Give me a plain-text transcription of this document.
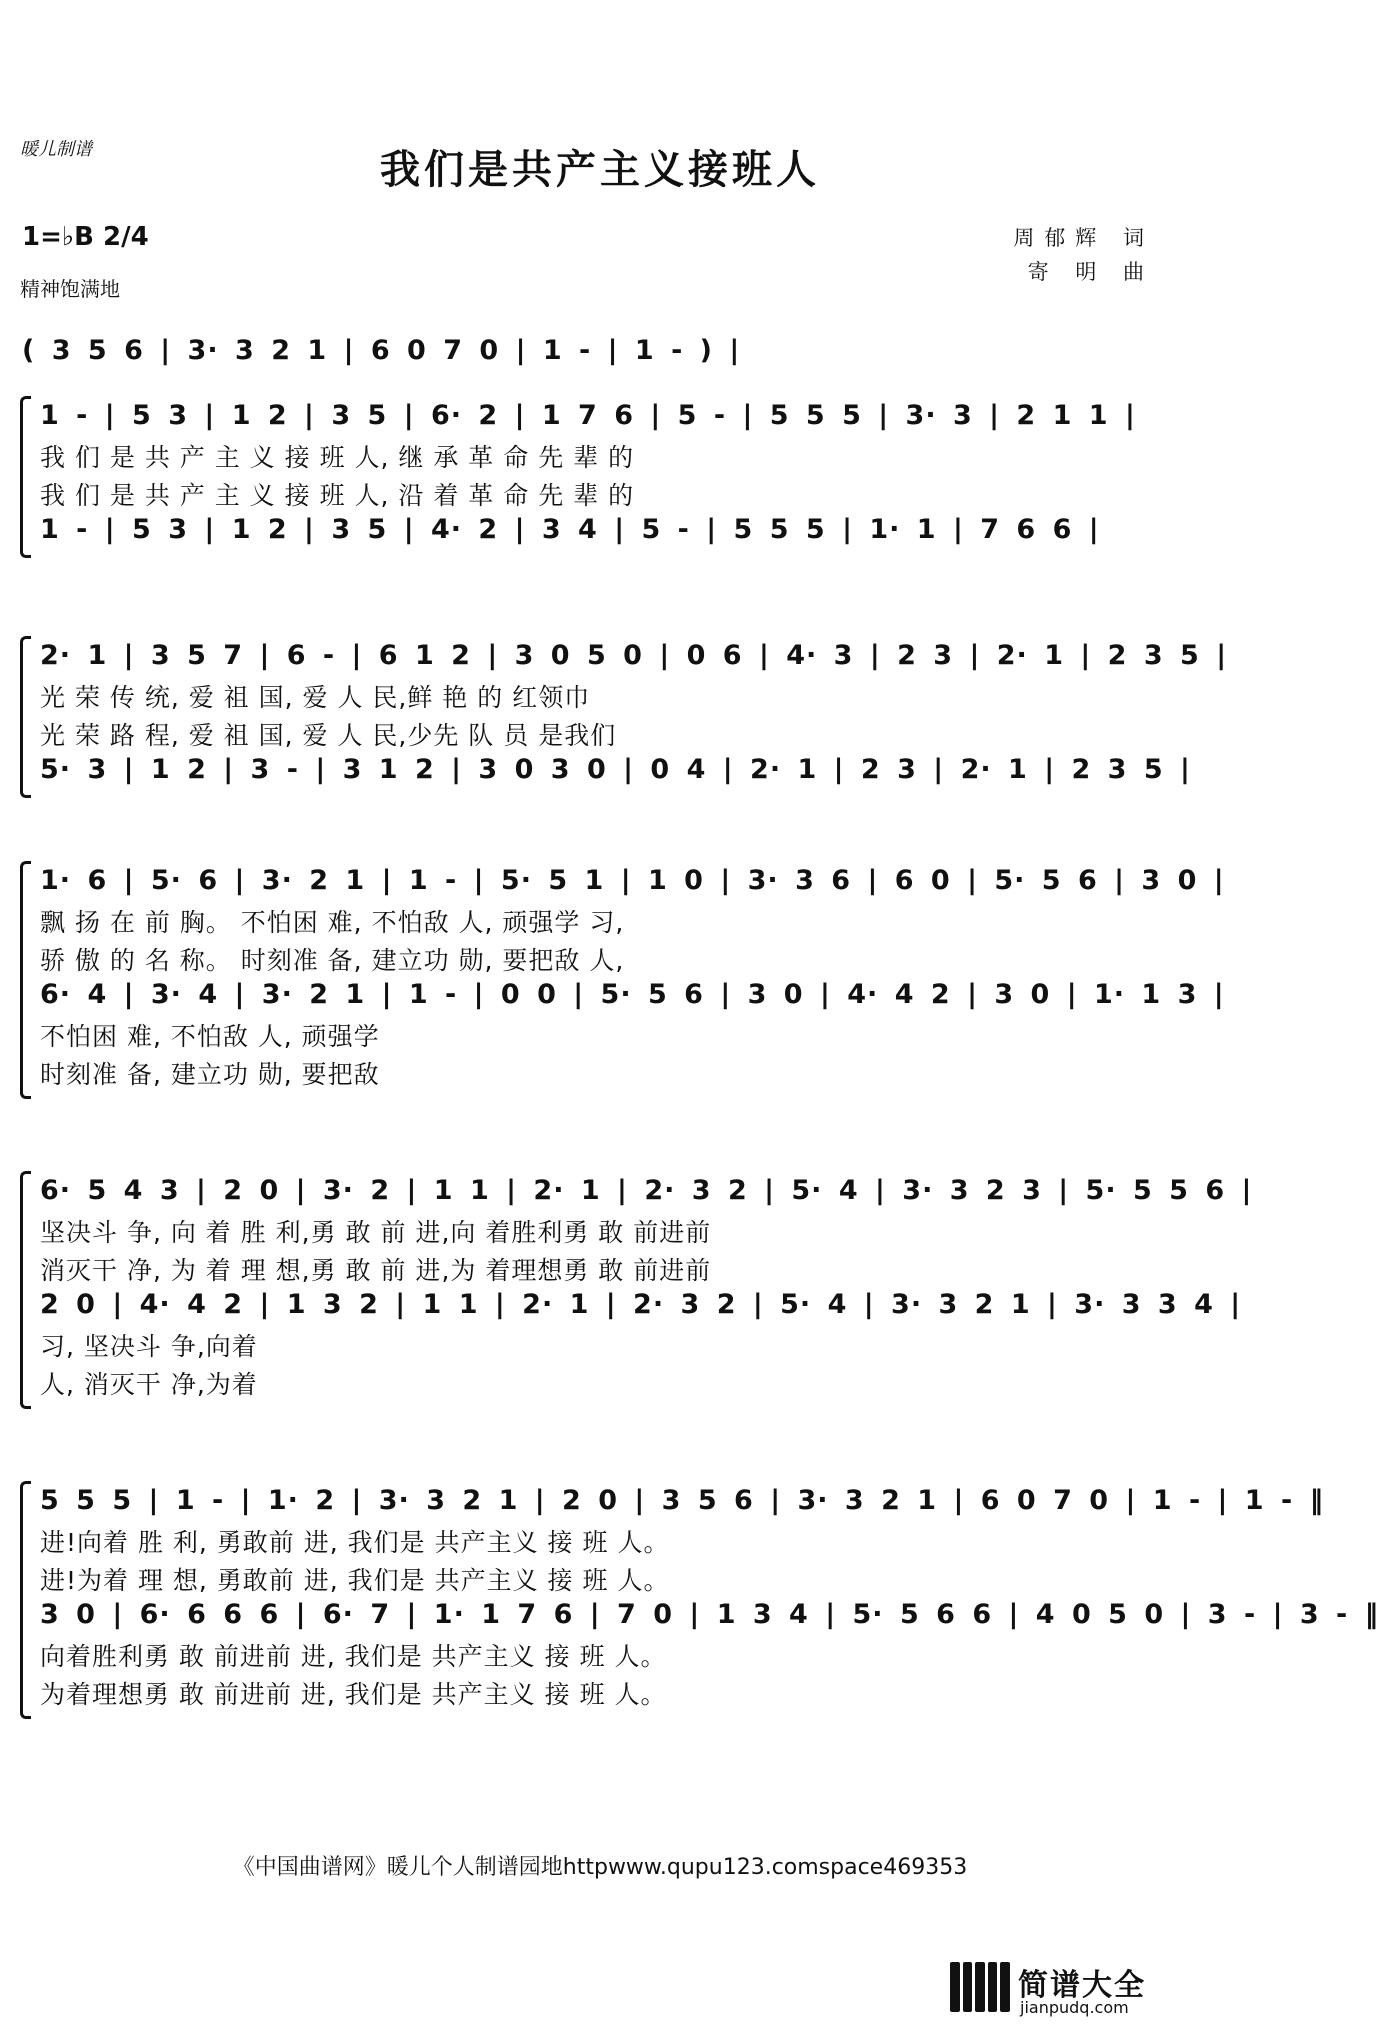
暖儿制谱	我们是共产主义接班人
1=♭B 2/4
精神饱满地
周郁辉 词
寄 明 曲
( 3 5 6 | 3· 3 2 1 | 6 0 7 0 | 1 - | 1 - ) |
1 - | 5 3 | 1 2 | 3 5 | 6· 2 | 1 7 6 | 5 - | 5 5 5 | 3· 3 | 2 1 1 |
我 们 是 共 产 主 义 接 班 人, 继 承 革 命 先 辈 的
我 们 是 共 产 主 义 接 班 人, 沿 着 革 命 先 辈 的
1 - | 5 3 | 1 2 | 3 5 | 4· 2 | 3 4 | 5 - | 5 5 5 | 1· 1 | 7 6 6 |
2· 1 | 3 5 7 | 6 - | 6 1 2 | 3 0 5 0 | 0 6 | 4· 3 | 2 3 | 2· 1 | 2 3 5 |
光 荣 传 统, 爱 祖 国, 爱 人 民,鲜 艳 的 红领巾
光 荣 路 程, 爱 祖 国, 爱 人 民,少先 队 员 是我们
5· 3 | 1 2 | 3 - | 3 1 2 | 3 0 3 0 | 0 4 | 2· 1 | 2 3 | 2· 1 | 2 3 5 |
1· 6 | 5· 6 | 3· 2 1 | 1 - | 5· 5 1 | 1 0 | 3· 3 6 | 6 0 | 5· 5 6 | 3 0 |
飘 扬 在 前 胸。 不怕困 难, 不怕敌 人, 顽强学 习,
骄 傲 的 名 称。 时刻准 备, 建立功 勋, 要把敌 人,
6· 4 | 3· 4 | 3· 2 1 | 1 - | 0 0 | 5· 5 6 | 3 0 | 4· 4 2 | 3 0 | 1· 1 3 |
不怕困 难, 不怕敌 人, 顽强学
时刻准 备, 建立功 勋, 要把敌
6· 5 4 3 | 2 0 | 3· 2 | 1 1 | 2· 1 | 2· 3 2 | 5· 4 | 3· 3 2 3 | 5· 5 5 6 |
坚决斗 争, 向 着 胜 利,勇 敢 前 进,向 着胜利勇 敢 前进前
消灭干 净, 为 着 理 想,勇 敢 前 进,为 着理想勇 敢 前进前
2 0 | 4· 4 2 | 1 3 2 | 1 1 | 2· 1 | 2· 3 2 | 5· 4 | 3· 3 2 1 | 3· 3 3 4 |
习, 坚决斗 争,向着
人, 消灭干 净,为着
5 5 5 | 1 - | 1· 2 | 3· 3 2 1 | 2 0 | 3 5 6 | 3· 3 2 1 | 6 0 7 0 | 1 - | 1 - ‖
进!向着 胜 利, 勇敢前 进, 我们是 共产主义 接 班 人。
进!为着 理 想, 勇敢前 进, 我们是 共产主义 接 班 人。
3 0 | 6· 6 6 6 | 6· 7 | 1· 1 7 6 | 7 0 | 1 3 4 | 5· 5 6 6 | 4 0 5 0 | 3 - | 3 - ‖
向着胜利勇 敢 前进前 进, 我们是 共产主义 接 班 人。
为着理想勇 敢 前进前 进, 我们是 共产主义 接 班 人。
《中国曲谱网》暖儿个人制谱园地httpwww.qupu123.comspace469353
简谱大全
jianpudq.com
